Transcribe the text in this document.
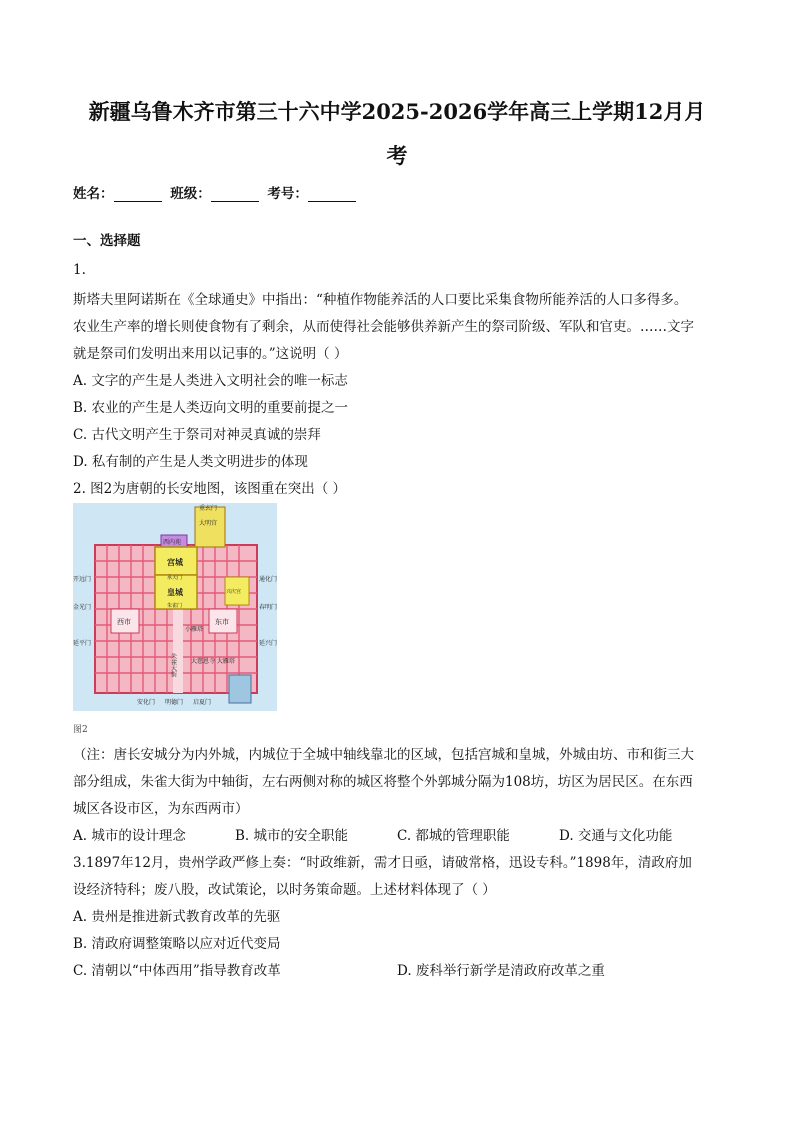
新疆乌鲁木齐市第三十六中学2025-2026学年高三上学期12月月
考
姓名：	班级：	考号：
一、选择题
1.
斯塔夫里阿诺斯在《全球通史》中指出：“种植作物能养活的人口要比采集食物所能养活的人口多得多。
农业生产率的增长则使食物有了剩余，从而使得社会能够供养新产生的祭司阶级、军队和官吏。……文字
就是祭司们发明出来用以记事的。”这说明（ ）
A. 文字的产生是人类进入文明社会的唯一标志
B. 农业的产生是人类迈向文明的重要前提之一
C. 古代文明产生于祭司对神灵真诚的崇拜
D. 私有制的产生是人类文明进步的体现
2. 图2为唐朝的长安地图，该图重在突出（ ）
重玄门
大明宫
西内苑
宫城
皇城
承天门
朱雀门
兴庆宫
西市	东市
朱雀大街
小雁塔
大慈恩寺 大雁塔
开远门
金光门
延平门
通化门
春明门
延兴门
安化门 明德门 启夏门
图2
（注：唐长安城分为内外城，内城位于全城中轴线靠北的区域，包括宫城和皇城，外城由坊、市和街三大
部分组成，朱雀大街为中轴街，左右两侧对称的城区将整个外郭城分隔为108坊，坊区为居民区。在东西
城区各设市区，为东西两市）
A. 城市的设计理念	B. 城市的安全职能	C. 都城的管理职能	D. 交通与文化功能
3.1897年12月，贵州学政严修上奏：“时政维新，需才日亟，请破常格，迅设专科。”1898年，清政府加
设经济特科；废八股，改试策论，以时务策命题。上述材料体现了（ ）
A. 贵州是推进新式教育改革的先驱
B. 清政府调整策略以应对近代变局
C. 清朝以“中体西用”指导教育改革	D. 废科举行新学是清政府改革之重
